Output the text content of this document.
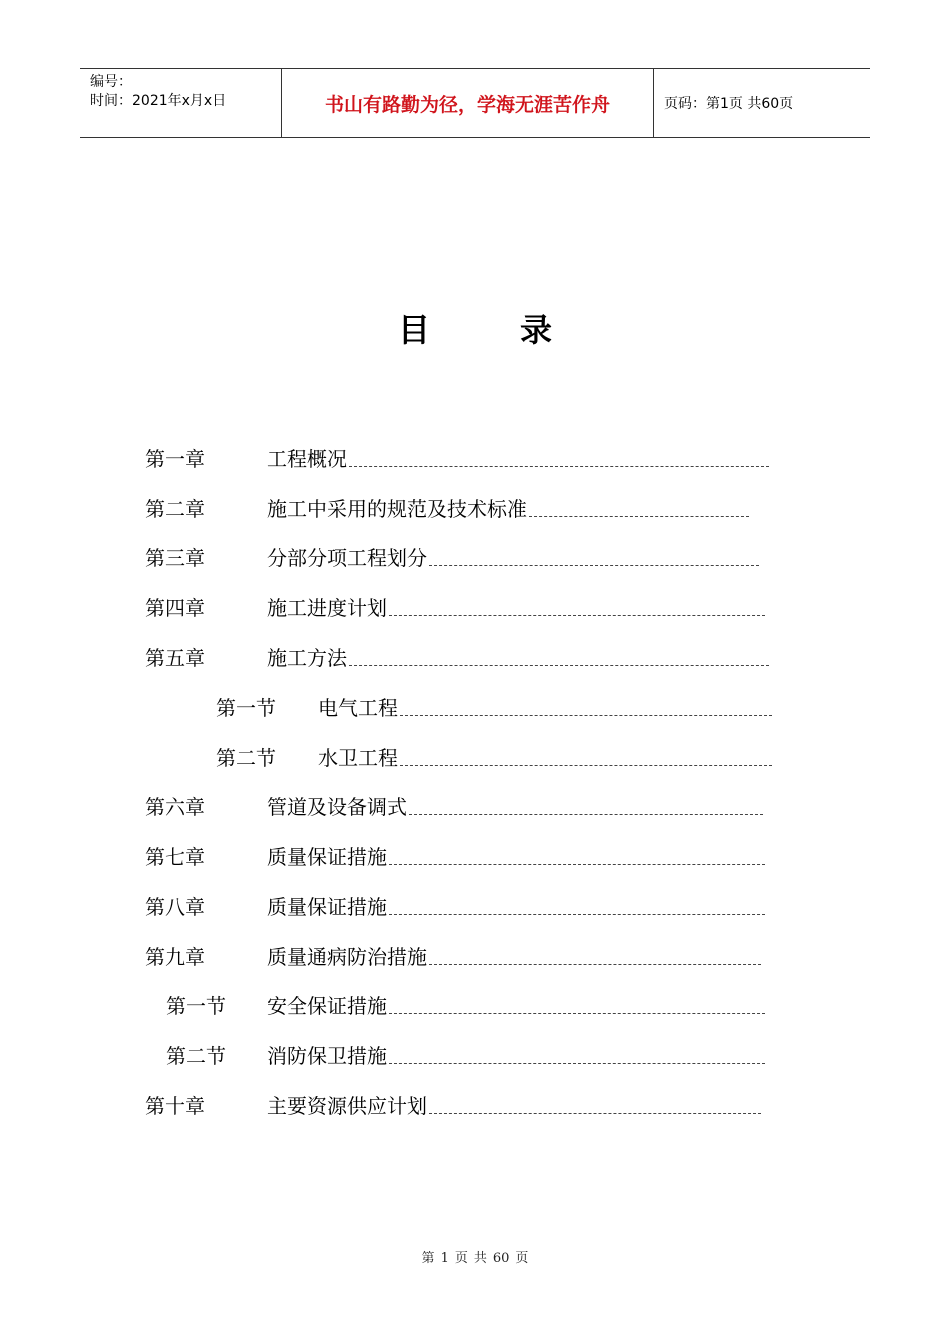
编号：
时间：2021年x月x日	书山有路勤为径，学海无涯苦作舟	页码：第1页 共60页
目	录
第一章	工程概况
第二章	施工中采用的规范及技术标准
第三章	分部分项工程划分
第四章	施工进度计划
第五章	施工方法
第一节 电气工程
第二节 水卫工程
第六章	管道及设备调式
第七章	质量保证措施
第八章	质量保证措施
第九章	质量通病防治措施
第一节 安全保证措施
第二节 消防保卫措施
第十章	主要资源供应计划
第 1 页 共 60 页
